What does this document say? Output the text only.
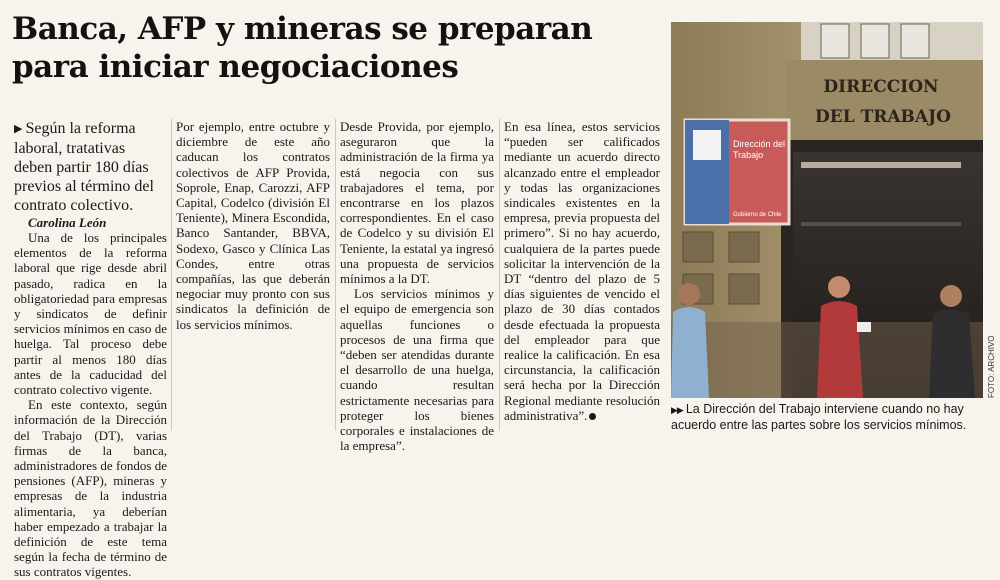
Banca, AFP y mineras se preparan
para iniciar negociaciones

▶ Según la reforma laboral, tratativas deben partir 180 días previos al término del contrato colectivo.

Carolina León

Una de los principales elementos de la reforma laboral que rige desde abril pasado, radica en la obligatoriedad para empresas y sindicatos de definir servicios mínimos en caso de huelga. Tal proceso debe partir al menos 180 días antes de la caducidad del contrato colectivo vigente.

En este contexto, según información de la Dirección del Trabajo (DT), varias firmas de la banca, administradores de fondos de pensiones (AFP), mineras y empresas de la industria alimentaria, ya deberían haber empezado a trabajar la definición de este tema según la fecha de término de sus contratos vigentes.

Por ejemplo, entre octubre y diciembre de este año caducan los contratos colectivos de AFP Provida, Soprole, Enap, Carozzi, AFP Capital, Codelco (división El Teniente), Minera Escondida, Banco Santander, BBVA, Sodexo, Gasco y Clínica Las Condes, entre otras compañías, las que deberán negociar muy pronto con sus sindicatos la definición de los servicios mínimos.

Desde Provida, por ejemplo, aseguraron que la administración de la firma ya está negocia con sus trabajadores el tema, por encontrarse en los plazos correspondientes. En el caso de Codelco y su división El Teniente, la estatal ya ingresó una propuesta de servicios mínimos a la DT.

Los servicios mínimos y el equipo de emergencia son aquellas funciones o procesos de una firma que “deben ser atendidas durante el desarrollo de una huelga, cuando resultan estrictamente necesarias para proteger los bienes corporales e instalaciones de la empresa”.

En esa línea, estos servicios “pueden ser calificados mediante un acuerdo directo alcanzado entre el empleador y todas las organizaciones sindicales existentes en la empresa, previa propuesta del primero”. Si no hay acuerdo, cualquiera de la partes puede solicitar la intervención de la DT “dentro del plazo de 5 días siguientes de vencido el plazo de 30 días contados desde efectuada la propuesta del empleador para que realice la calificación. En esa circunstancia, la calificación será hecha por la Dirección Regional mediante resolución administrativa”.

DIRECCION
DEL TRABAJO
Dirección del
Trabajo
Gobierno de Chile
FOTO: ARCHIVO
▶▶ La Dirección del Trabajo interviene cuando no hay acuerdo entre las partes sobre los servicios mínimos.
